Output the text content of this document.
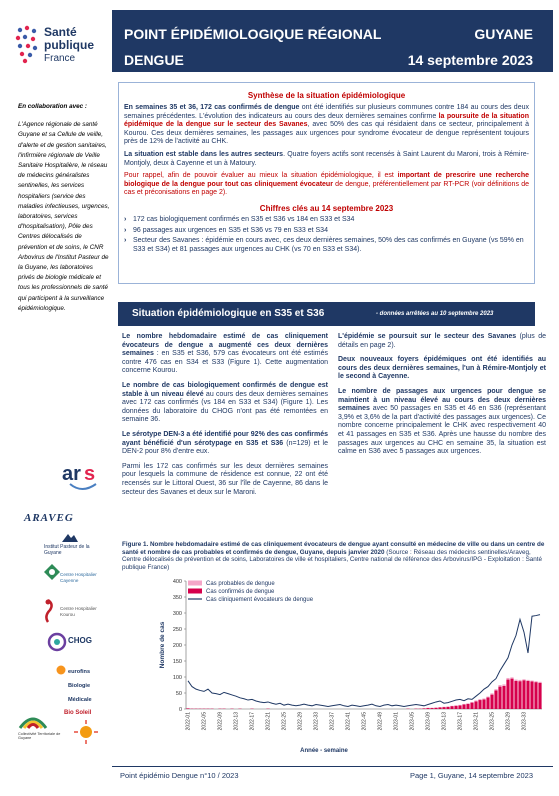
Santé
publique
France
En collaboration avec :
L'Agence régionale de santé Guyane et sa Cellule de veille, d'alerte et de gestion sanitaires, l'infirmière régionale de Veille Sanitaire Hospitalière, le réseau de médecins généralistes sentinelles, les services hospitaliers (service des maladies infectieuses, urgences, laboratoires, services d'hospitalisation), Pôle des Centres délocalisés de prévention et de soins, le CNR Arbovirus de l'Institut Pasteur de la Guyane, les laboratoires privés de biologie médicale et tous les professionnels de santé qui participent à la surveillance épidémiologique.
ar s
ARAVEG
Institut Pasteur de la Guyane
Centre Hospitalier Cayenne
Centre Hospitalier Kourou
CHOG
eurofins Biologie Médicale
Collectivité Territoriale de Guyane
Bio Soleil
POINT ÉPIDÉMIOLOGIQUE RÉGIONAL	GUYANE
DENGUE	14 septembre 2023
Synthèse de la situation épidémiologique
En semaines 35 et 36, 172 cas confirmés de dengue ont été identifiés sur plusieurs communes contre 184 au cours des deux semaines précédentes. L'évolution des indicateurs au cours des deux dernières semaines confirme la poursuite de la situation épidémique de la dengue sur le secteur des Savanes, avec 50% des cas qui résidaient dans ce secteur, principalement à Kourou. Ces deux dernières semaines, les passages aux urgences pour syndrome évocateur de dengue représentent toujours près de 12% de l'activité au CHK.
La situation est stable dans les autres secteurs. Quatre foyers actifs sont recensés à Saint Laurent du Maroni, trois à Rémire-Montjoly, deux à Cayenne et un à Matoury.
Pour rappel, afin de pouvoir évaluer au mieux la situation épidémiologique, il est important de prescrire une recherche biologique de la dengue pour tout cas cliniquement évocateur de dengue, préférentiellement par RT-PCR (voir définitions de cas et préconisations en page 2).
Chiffres clés au 14 septembre 2023
› 172 cas biologiquement confirmés en S35 et S36 vs 184 en S33 et S34
› 96 passages aux urgences en S35 et S36 vs 79 en S33 et S34
› Secteur des Savanes : épidémie en cours avec, ces deux dernières semaines, 50% des cas confirmés en Guyane (vs 59% en S33 et S34) et 81 passages aux urgences au CHK (vs 70 en S33 et S34).
Situation épidémiologique en S35 et S36	- données arrêtées au 10 septembre 2023

Le nombre hebdomadaire estimé de cas cliniquement évocateurs de dengue a augmenté ces deux dernières semaines : en S35 et S36, 579 cas évocateurs ont été estimés contre 476 cas en S34 et S33 (Figure 1). Cette augmentation concerne Kourou.

Le nombre de cas biologiquement confirmés de dengue est stable à un niveau élevé au cours des deux dernières semaines avec 172 cas confirmés (vs 184 en S33 et S34) (Figure 1). Les données du laboratoire du CHOG n'ont pas été remontées en semaine 36.

Le sérotype DEN-3 a été identifié pour 92% des cas confirmés ayant bénéficié d'un sérotypage en S35 et S36 (n=129) et le DEN-2 pour 8% d'entre eux.

Parmi les 172 cas confirmés sur les deux dernières semaines pour lesquels la commune de résidence est connue, 22 ont été recensés sur le Littoral Ouest, 36 sur l'île de Cayenne, 86 dans le secteur des Savanes et deux sur le Maroni.

L'épidémie se poursuit sur le secteur des Savanes (plus de détails en page 2).

Deux nouveaux foyers épidémiques ont été identifiés au cours des deux dernières semaines, l'un à Rémire-Montjoly et le second à Cayenne.

Le nombre de passages aux urgences pour dengue se maintient à un niveau élevé au cours des deux dernières semaines avec 50 passages en S35 et 46 en S36 (représentant 3,9% et 3,6% de la part d'activité des passages aux urgences). Ce nombre concerne principalement le CHK avec respectivement 40 et 41 passages en S35 et S36. Après une hausse du nombre des passages aux urgences au CHC en semaine 35, la situation est calme en S36 avec 5 passages aux urgences.

Figure 1. Nombre hebdomadaire estimé de cas cliniquement évocateurs de dengue ayant consulté en médecine de ville ou dans un centre de santé et nombre de cas probables et confirmés de dengue, Guyane, depuis janvier 2020 (Source : Réseau des médecins sentinelles/Araveg, Centre délocalisés de prévention et de soins, Laboratoires de ville et hospitaliers, Centre national de référence des Arbovirus/IPG - Exploitation : Santé publique France)
0
50
100
150
200
250
300
350
400
Nombre de cas
2022-01 2022-05 2022-09 2022-13 2022-17 2022-21 2022-25 2022-29 2022-33 2022-37 2022-41 2022-45 2022-49 2023-01 2023-05 2023-09 2023-13 2023-17 2023-21 2023-25 2023-29 2023-33
Année - semaine
Cas probables de dengue
Cas confirmés de dengue
Cas cliniquement évocateurs de dengue
Point épidémio Dengue n°10 / 2023	Page 1, Guyane, 14 septembre 2023
